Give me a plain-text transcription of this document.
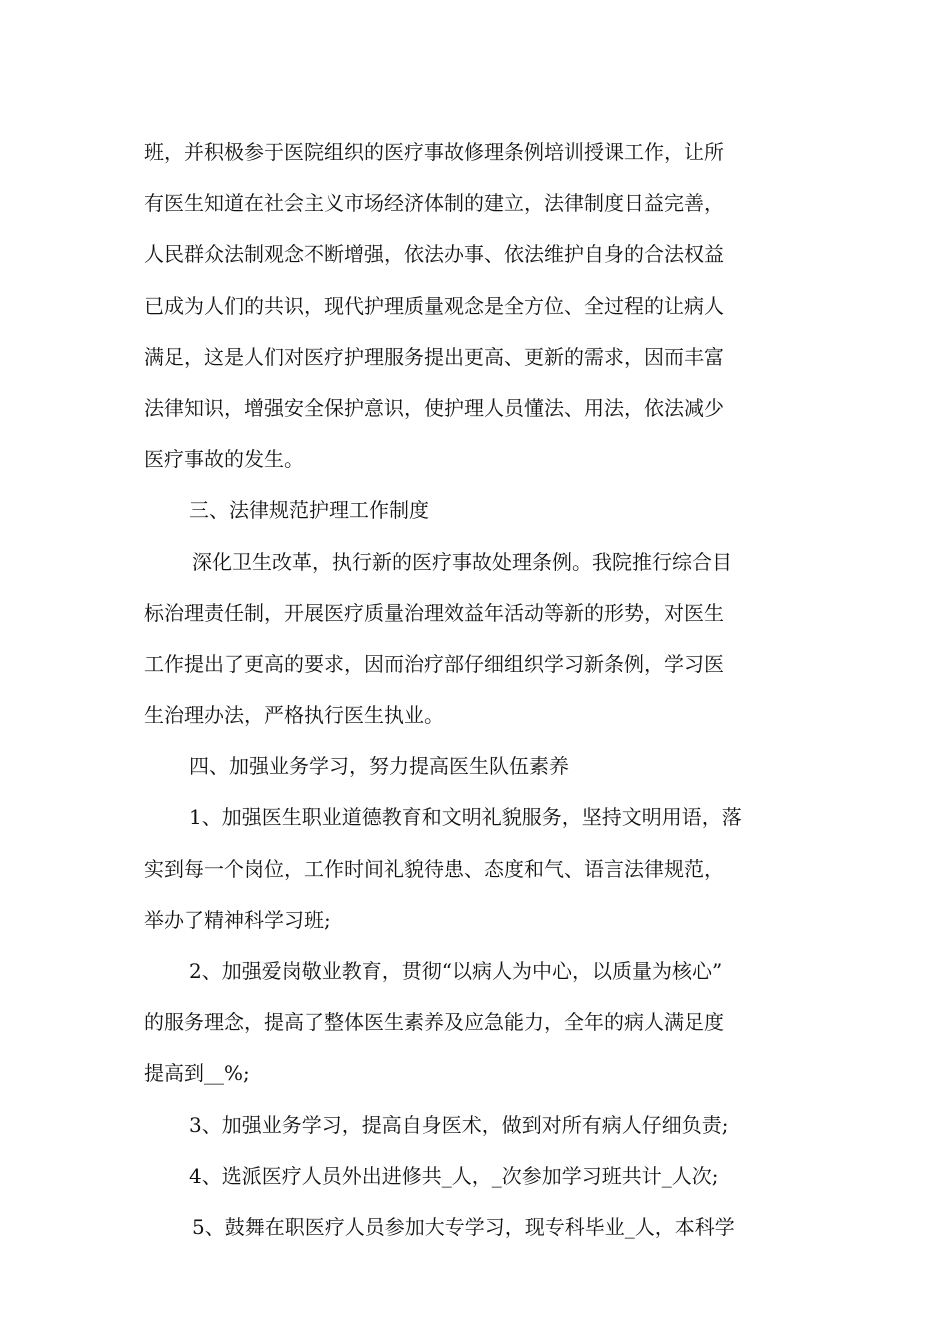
班，并积极参于医院组织的医疗事故修理条例培训授课工作，让所
有医生知道在社会主义市场经济体制的建立，法律制度日益完善，
人民群众法制观念不断增强，依法办事、依法维护自身的合法权益
已成为人们的共识，现代护理质量观念是全方位、全过程的让病人
满足，这是人们对医疗护理服务提出更高、更新的需求，因而丰富
法律知识，增强安全保护意识，使护理人员懂法、用法，依法减少
医疗事故的发生。
三、法律规范护理工作制度
深化卫生改革，执行新的医疗事故处理条例。我院推行综合目
标治理责任制，开展医疗质量治理效益年活动等新的形势，对医生
工作提出了更高的要求，因而治疗部仔细组织学习新条例，学习医
生治理办法，严格执行医生执业。
四、加强业务学习，努力提高医生队伍素养
1、加强医生职业道德教育和文明礼貌服务，坚持文明用语，落
实到每一个岗位，工作时间礼貌待患、态度和气、语言法律规范，
举办了精神科学习班;
2、加强爱岗敬业教育，贯彻“以病人为中心，以质量为核心”
的服务理念，提高了整体医生素养及应急能力，全年的病人满足度
提高到__%;
3、加强业务学习，提高自身医术，做到对所有病人仔细负责;
4、选派医疗人员外出进修共_人，_次参加学习班共计_人次;
5、鼓舞在职医疗人员参加大专学习，现专科毕业_人，本科学
